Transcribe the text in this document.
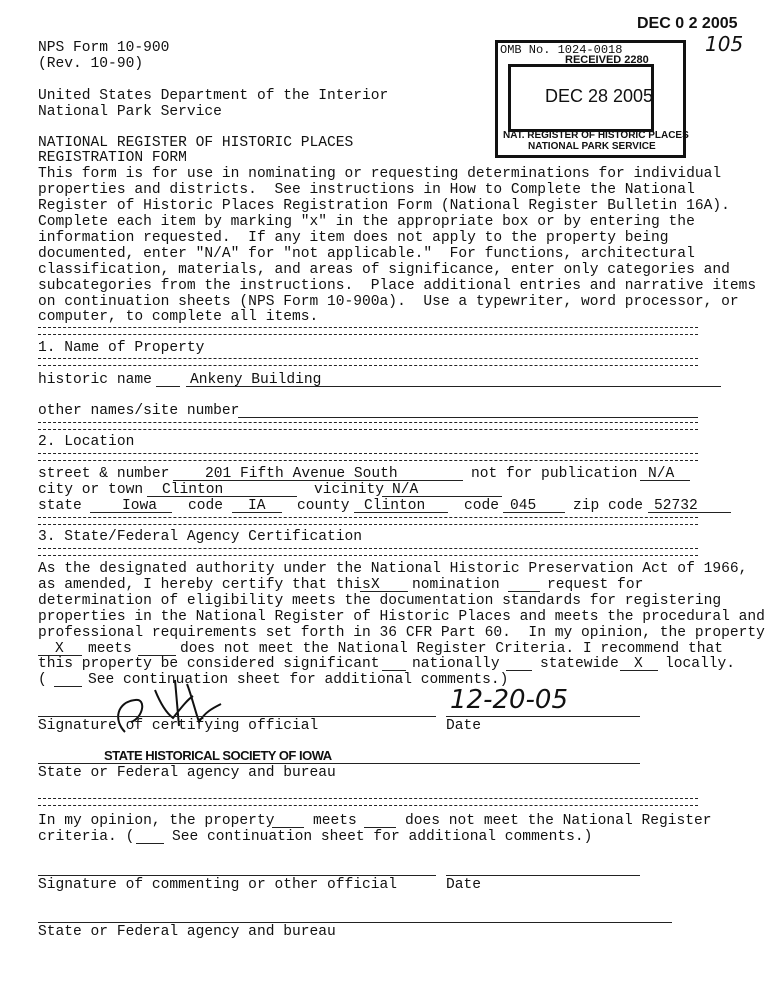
NPS Form 10-900
(Rev. 10-90)
United States Department of the Interior
National Park Service
NATIONAL REGISTER OF HISTORIC PLACES
REGISTRATION FORM
DEC 0 2 2005
105
OMB No. 1024-0018
RECEIVED 2280
DEC 28 2005
NAT. REGISTER OF HISTORIC PLACES
NATIONAL PARK SERVICE
This form is for use in nominating or requesting determinations for individual
properties and districts.  See instructions in How to Complete the National
Register of Historic Places Registration Form (National Register Bulletin 16A).
Complete each item by marking "x" in the appropriate box or by entering the
information requested.  If any item does not apply to the property being
documented, enter "N/A" for "not applicable."  For functions, architectural
classification, materials, and areas of significance, enter only categories and
subcategories from the instructions.  Place additional entries and narrative items
on continuation sheets (NPS Form 10-900a).  Use a typewriter, word processor, or
computer, to complete all items.
1. Name of Property
historic name	Ankeny Building
other names/site number
2. Location
street & number 201 Fifth Avenue South	not for publication N/A
city or town Clinton	vicinity N/A
state	Iowa code IA county Clinton	code 045	zip code 52732
3. State/Federal Agency Certification
As the designated authority under the National Historic Preservation Act of 1966,
as amended, I hereby certify that this X nomination	request for
determination of eligibility meets the documentation standards for registering
properties in the National Register of Historic Places and meets the procedural and
professional requirements set forth in 36 CFR Part 60.  In my opinion, the property
X meets	does not meet the National Register Criteria. I recommend that
this property be considered significant nationally	statewide X locally.
(	See continuation sheet for additional comments.)
12-20-05
Signature of certifying official	Date
STATE HISTORICAL SOCIETY OF IOWA
State or Federal agency and bureau
In my opinion, the property	meets	does not meet the National Register
criteria. (	See continuation sheet for additional comments.)
Signature of commenting or other official	Date
State or Federal agency and bureau
